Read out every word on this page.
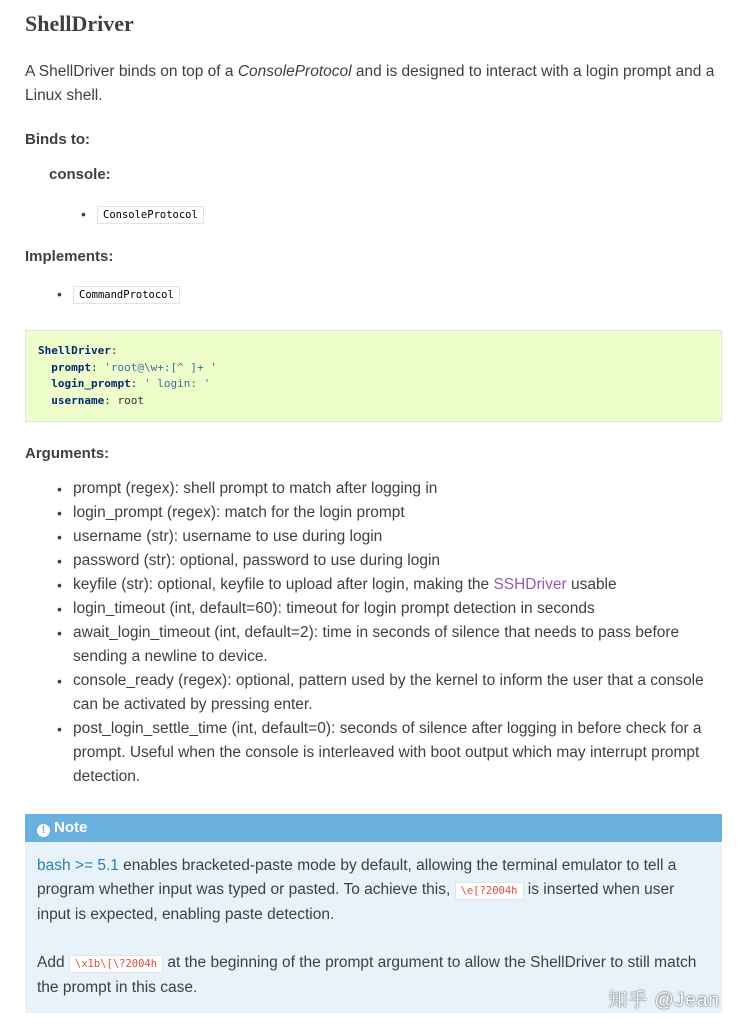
ShellDriver

A ShellDriver binds on top of a ConsoleProtocol and is designed to interact with a login prompt and a Linux shell.

Binds to:

console:

• ConsoleProtocol

Implements:

• CommandProtocol
ShellDriver:
prompt: 'root@\w+:[^ ]+ '
login_prompt: ' login: '
username: root

Arguments:

• prompt (regex): shell prompt to match after logging in
• login_prompt (regex): match for the login prompt
• username (str): username to use during login
• password (str): optional, password to use during login
• keyfile (str): optional, keyfile to upload after login, making the SSHDriver usable
• login_timeout (int, default=60): timeout for login prompt detection in seconds
• await_login_timeout (int, default=2): time in seconds of silence that needs to pass before sending a newline to device.
• console_ready (regex): optional, pattern used by the kernel to inform the user that a console can be activated by pressing enter.
• post_login_settle_time (int, default=0): seconds of silence after logging in before check for a prompt. Useful when the console is interleaved with boot output which may interrupt prompt detection.
! Note

bash >= 5.1 enables bracketed-paste mode by default, allowing the terminal emulator to tell a program whether input was typed or pasted. To achieve this, \e[?2004h is inserted when user input is expected, enabling paste detection.

Add \x1b\[\?2004h at the beginning of the prompt argument to allow the ShellDriver to still match the prompt in this case.

知乎 @Jean
